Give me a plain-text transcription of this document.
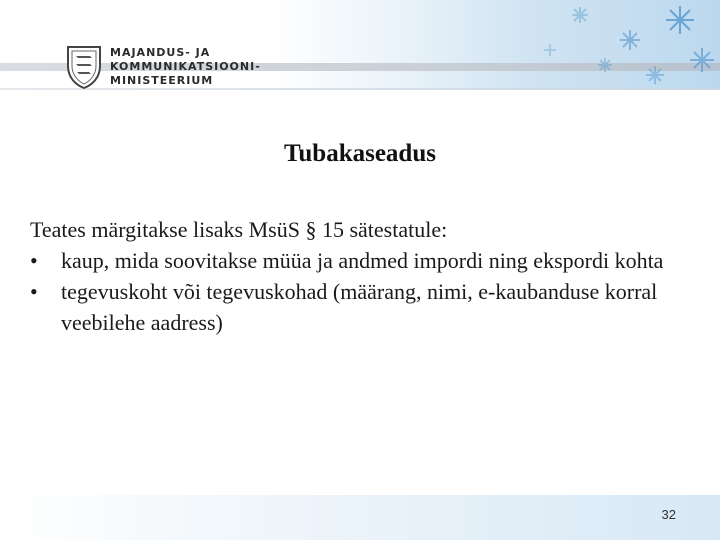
MAJANDUS- JA
KOMMUNIKATSIOONI-
MINISTEERIUM
Tubakaseadus

Teates märgitakse lisaks MsüS § 15 sätestatule:

• kaup, mida soovitakse müüa ja andmed impordi ning ekspordi kohta
• tegevuskoht või tegevuskohad (määrang, nimi, e-kaubanduse korral veebilehe aadress)
32
